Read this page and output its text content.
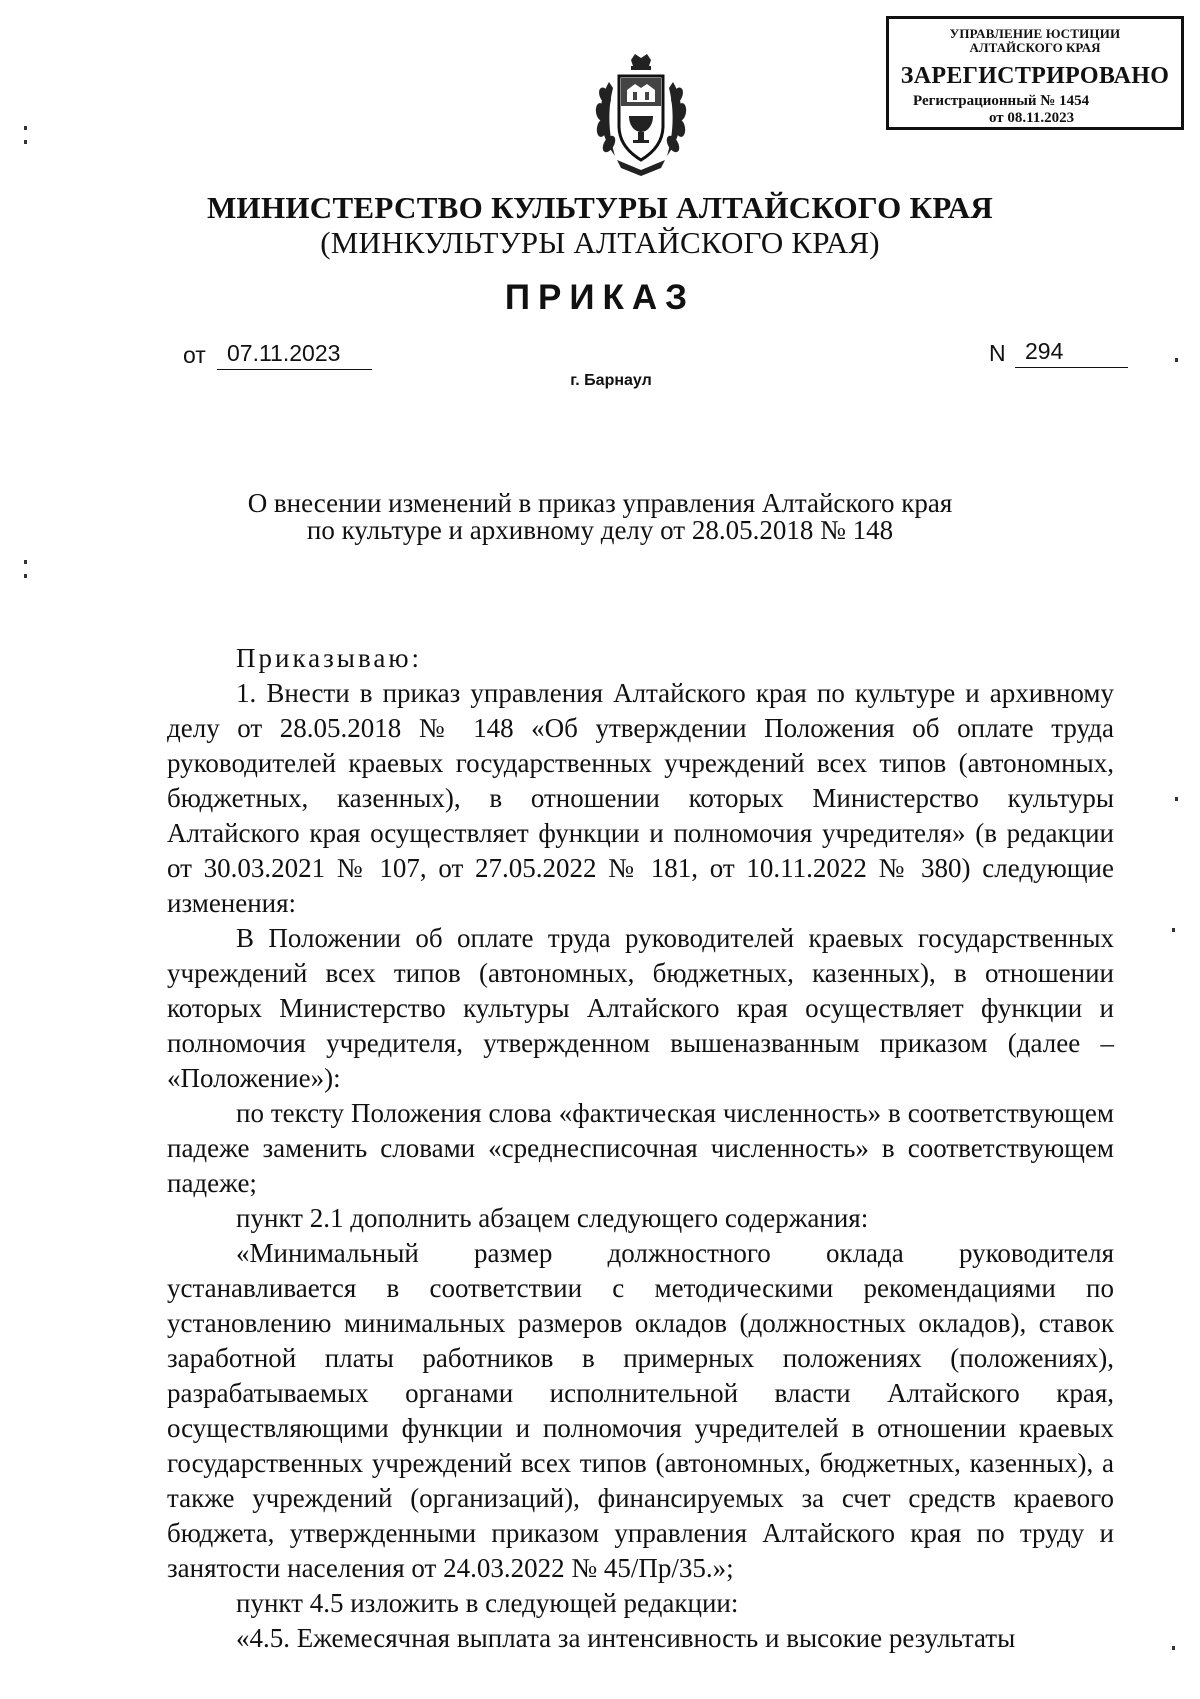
УПРАВЛЕНИЕ ЮСТИЦИИ
АЛТАЙСКОГО КРАЯ
ЗАРЕГИСТРИРОВАНО
Регистрационный № 1454
от 08.11.2023
МИНИСТЕРСТВО КУЛЬТУРЫ АЛТАЙСКОГО КРАЯ
(МИНКУЛЬТУРЫ АЛТАЙСКОГО КРАЯ)
ПРИКАЗ
от 07.11.2023	N 294
г. Барнаул
О внесении изменений в приказ управления Алтайского края
по культуре и архивному делу от 28.05.2018 № 148

Приказываю:

1. Внести в приказ управления Алтайского края по культуре и архивному делу от 28.05.2018 № 148 «Об утверждении Положения об оплате труда руководителей краевых государственных учреждений всех типов (автономных, бюджетных, казенных), в отношении которых Министерство культуры Алтайского края осуществляет функции и полномочия учредителя» (в редакции от 30.03.2021 № 107, от 27.05.2022 № 181, от 10.11.2022 № 380) следующие изменения:

В Положении об оплате труда руководителей краевых государственных учреждений всех типов (автономных, бюджетных, казенных), в отношении которых Министерство культуры Алтайского края осуществляет функции и полномочия учредителя, утвержденном вышеназванным приказом (далее – «Положение»):

по тексту Положения слова «фактическая численность» в соответствующем падеже заменить словами «среднесписочная численность» в соответствующем падеже;

пункт 2.1 дополнить абзацем следующего содержания:

«Минимальный размер должностного оклада руководителя устанавливается в соответствии с методическими рекомендациями по установлению минимальных размеров окладов (должностных окладов), ставок заработной платы работников в примерных положениях (положениях), разрабатываемых органами исполнительной власти Алтайского края, осуществляющими функции и полномочия учредителей в отношении краевых государственных учреждений всех типов (автономных, бюджетных, казенных), а также учреждений (организаций), финансируемых за счет средств краевого бюджета, утвержденными приказом управления Алтайского края по труду и занятости населения от 24.03.2022 № 45/Пр/35.»;

пункт 4.5 изложить в следующей редакции:

«4.5. Ежемесячная выплата за интенсивность и высокие результаты
